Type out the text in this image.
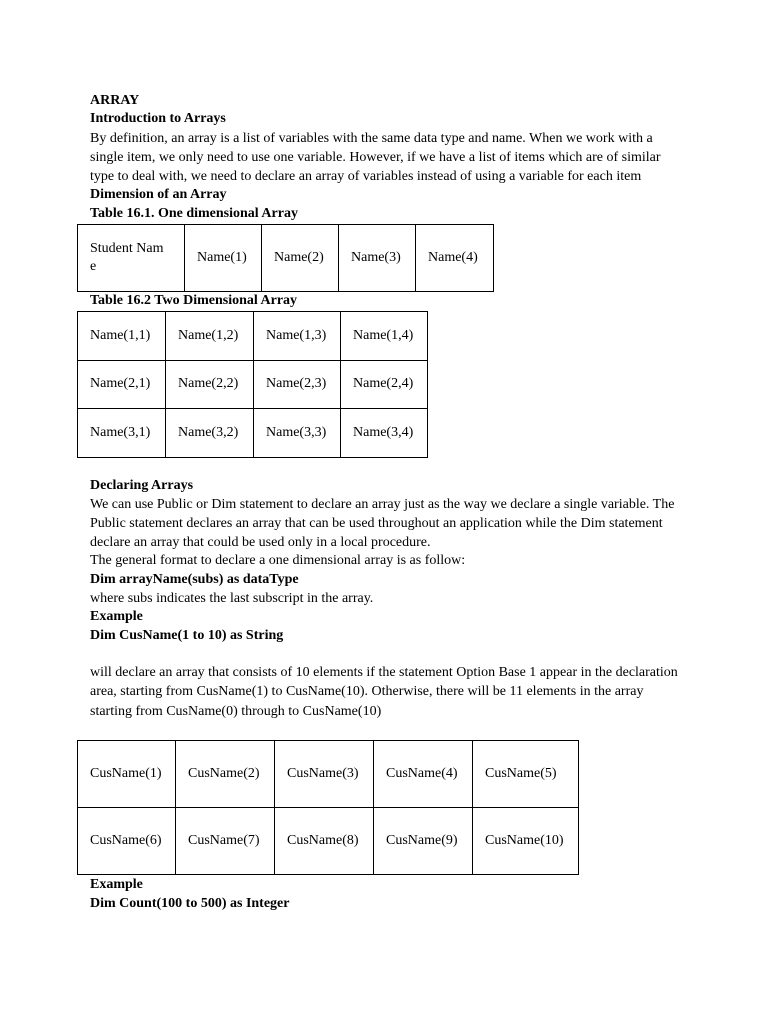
ARRAY
Introduction to Arrays
By definition, an array is a list of variables with the same data type and name. When we work with a
single item, we only need to use one variable. However, if we have a list of items which are of similar
type to deal with, we need to declare an array of variables instead of using a variable for each item
Dimension of an Array
Table 16.1. One dimensional Array
Student Name	Name(1)	Name(2)	Name(3)	Name(4)
Table 16.2 Two Dimensional Array
Name(1,1)	Name(1,2)	Name(1,3)	Name(1,4)
Name(2,1)	Name(2,2)	Name(2,3)	Name(2,4)
Name(3,1)	Name(3,2)	Name(3,3)	Name(3,4)
Declaring Arrays
We can use Public or Dim statement to declare an array just as the way we declare a single variable. The
Public statement declares an array that can be used throughout an application while the Dim statement
declare an array that could be used only in a local procedure.
The general format to declare a one dimensional array is as follow:
Dim arrayName(subs) as dataType
where subs indicates the last subscript in the array.
Example
Dim CusName(1 to 10) as String
will declare an array that consists of 10 elements if the statement Option Base 1 appear in the declaration
area, starting from CusName(1) to CusName(10). Otherwise, there will be 11 elements in the array
starting from CusName(0) through to CusName(10)
CusName(1)	CusName(2)	CusName(3)	CusName(4)	CusName(5)
CusName(6)	CusName(7)	CusName(8)	CusName(9)	CusName(10)
Example
Dim Count(100 to 500) as Integer
